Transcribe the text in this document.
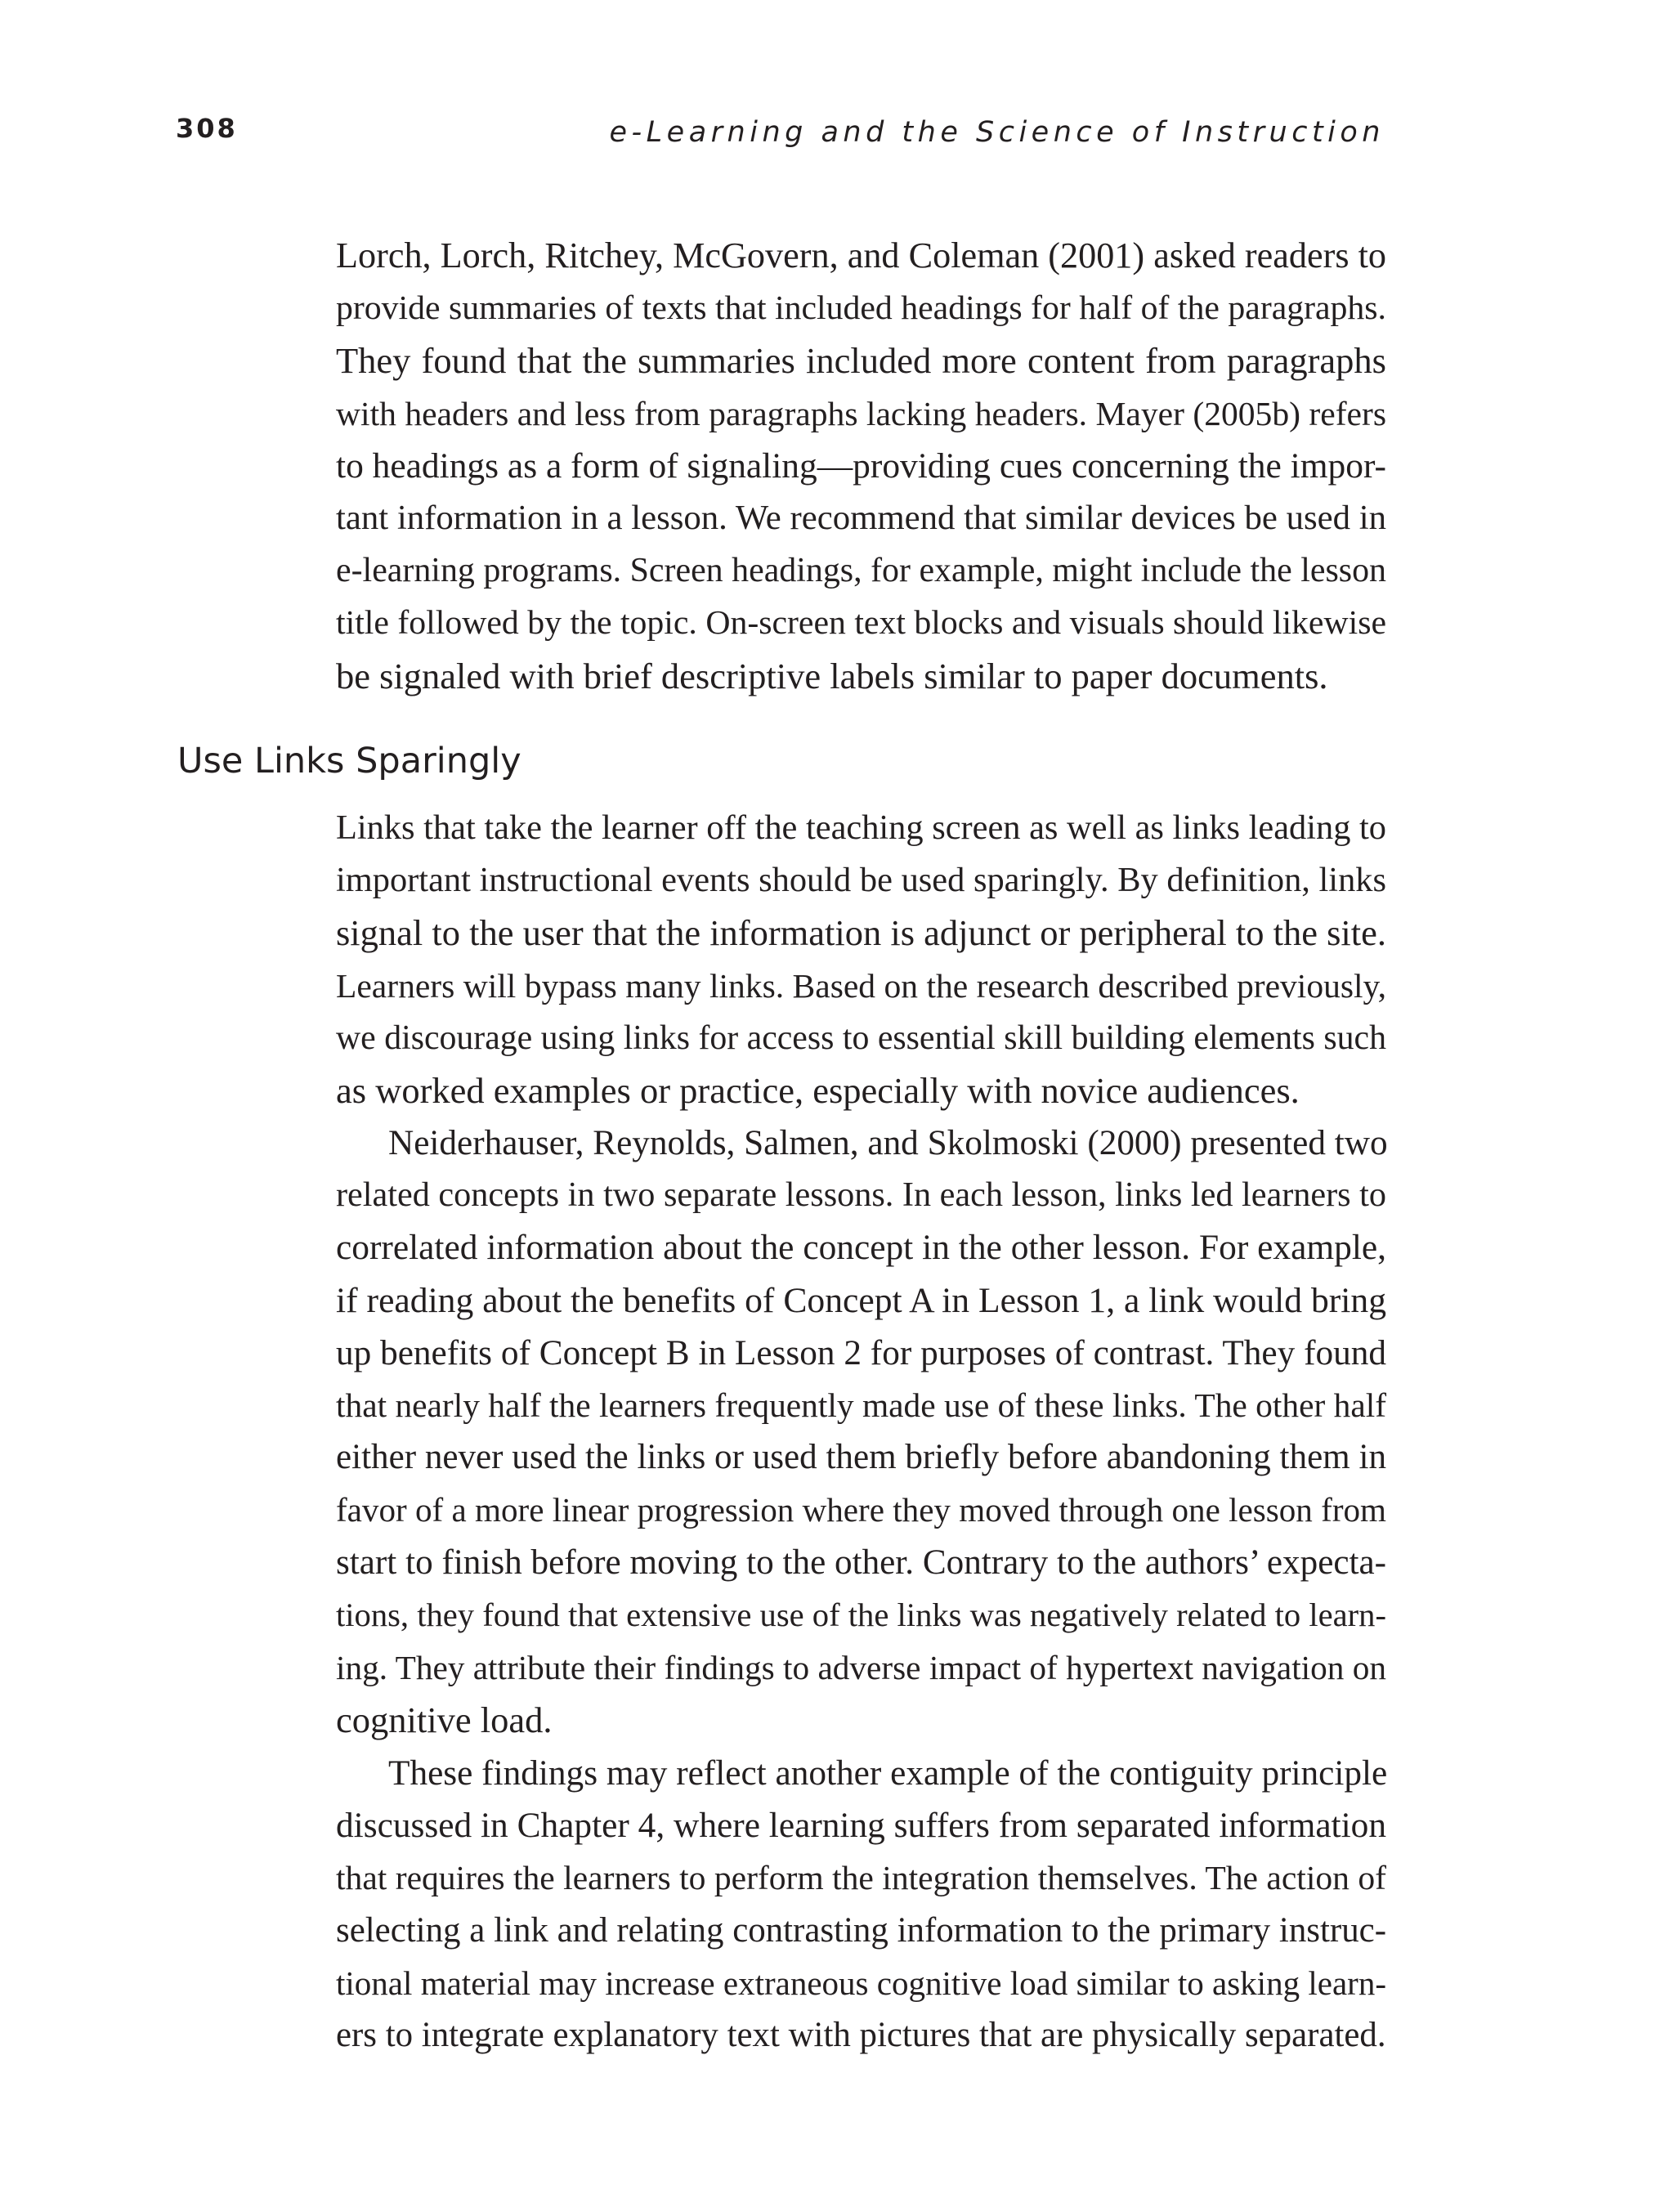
308	e-Learning and the Science of Instruction

Lorch, Lorch, Ritchey, McGovern, and Coleman (2001) asked readers to
provide summaries of texts that included headings for half of the paragraphs.
They found that the summaries included more content from paragraphs
with headers and less from paragraphs lacking headers. Mayer (2005b) refers
to headings as a form of signaling—providing cues concerning the impor-
tant information in a lesson. We recommend that similar devices be used in
e-learning programs. Screen headings, for example, might include the lesson
title followed by the topic. On-screen text blocks and visuals should likewise
be signaled with brief descriptive labels similar to paper documents.

Use Links Sparingly

Links that take the learner off the teaching screen as well as links leading to
important instructional events should be used sparingly. By definition, links
signal to the user that the information is adjunct or peripheral to the site.
Learners will bypass many links. Based on the research described previously,
we discourage using links for access to essential skill building elements such
as worked examples or practice, especially with novice audiences.

Neiderhauser, Reynolds, Salmen, and Skolmoski (2000) presented two
related concepts in two separate lessons. In each lesson, links led learners to
correlated information about the concept in the other lesson. For example,
if reading about the benefits of Concept A in Lesson 1, a link would bring
up benefits of Concept B in Lesson 2 for purposes of contrast. They found
that nearly half the learners frequently made use of these links. The other half
either never used the links or used them briefly before abandoning them in
favor of a more linear progression where they moved through one lesson from
start to finish before moving to the other. Contrary to the authors’ expecta-
tions, they found that extensive use of the links was negatively related to learn-
ing. They attribute their findings to adverse impact of hypertext navigation on
cognitive load.

These findings may reflect another example of the contiguity principle
discussed in Chapter 4, where learning suffers from separated information
that requires the learners to perform the integration themselves. The action of
selecting a link and relating contrasting information to the primary instruc-
tional material may increase extraneous cognitive load similar to asking learn-
ers to integrate explanatory text with pictures that are physically separated.
